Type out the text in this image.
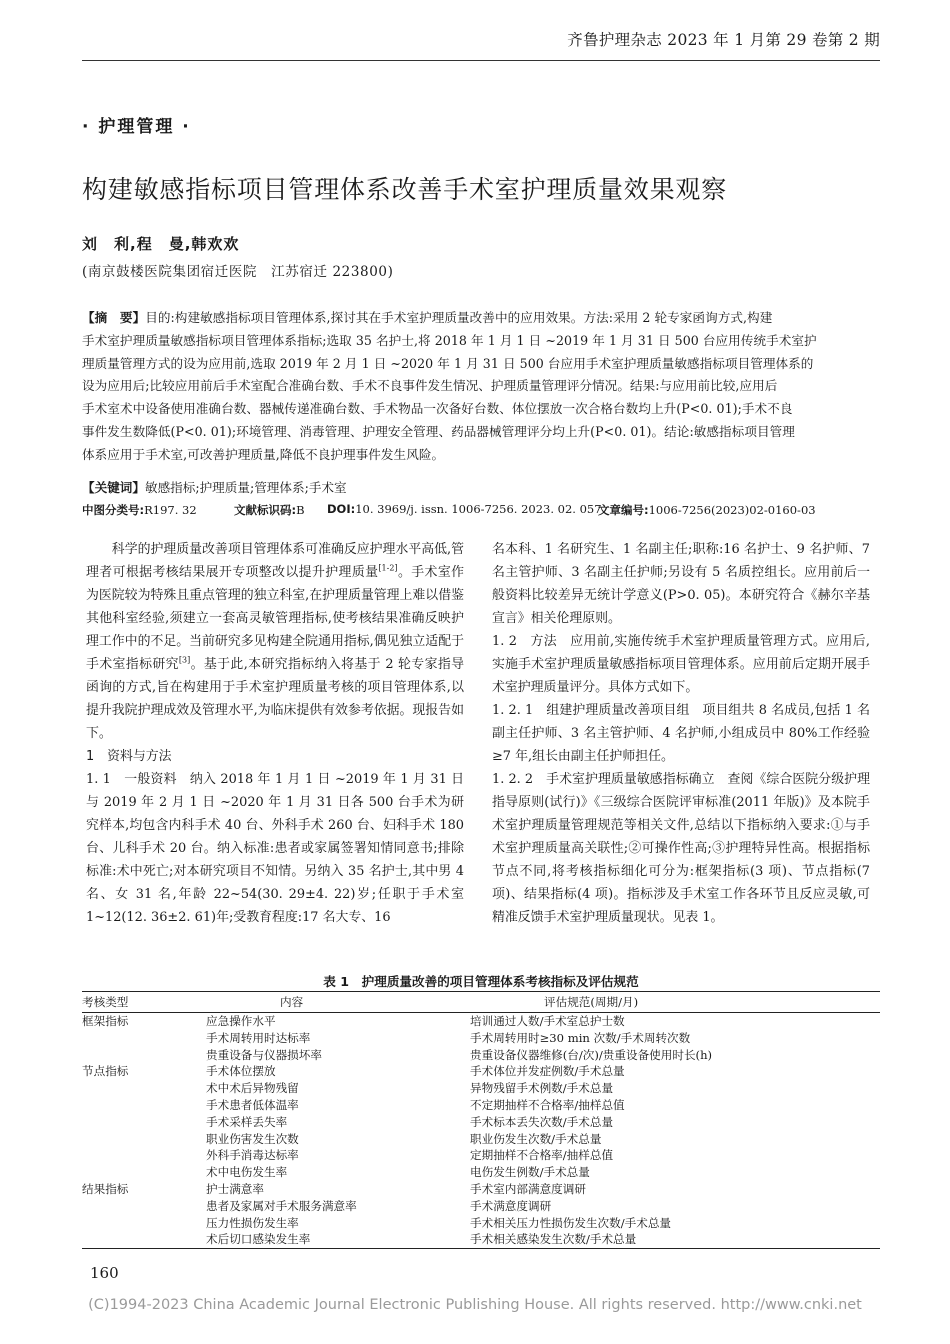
齐鲁护理杂志 2023 年 1 月第 29 卷第 2 期
· 护理管理 ·
构建敏感指标项目管理体系改善手术室护理质量效果观察
刘　利,程　曼,韩欢欢
(南京鼓楼医院集团宿迁医院　江苏宿迁 223800)
【摘　要】目的:构建敏感指标项目管理体系,探讨其在手术室护理质量改善中的应用效果。方法:采用 2 轮专家函询方式,构建
手术室护理质量敏感指标项目管理体系指标;选取 35 名护士,将 2018 年 1 月 1 日 ~2019 年 1 月 31 日 500 台应用传统手术室护
理质量管理方式的设为应用前,选取 2019 年 2 月 1 日 ~2020 年 1 月 31 日 500 台应用手术室护理质量敏感指标项目管理体系的
设为应用后;比较应用前后手术室配合准确台数、手术不良事件发生情况、护理质量管理评分情况。结果:与应用前比较,应用后
手术室术中设备使用准确台数、器械传递准确台数、手术物品一次备好台数、体位摆放一次合格台数均上升(P<0. 01);手术不良
事件发生数降低(P<0. 01);环境管理、消毒管理、护理安全管理、药品器械管理评分均上升(P<0. 01)。结论:敏感指标项目管理
体系应用于手术室,可改善护理质量,降低不良护理事件发生风险。
【关键词】敏感指标;护理质量;管理体系;手术室
中图分类号:R197. 32	文献标识码:B DOI:10. 3969/j. issn. 1006-7256. 2023. 02. 057
文章编号:1006-7256(2023)02-0160-03

科学的护理质量改善项目管理体系可准确反应护理水平高低,管理者可根据考核结果展开专项整改以提升护理质量[1-2]。手术室作为医院较为特殊且重点管理的独立科室,在护理质量管理上难以借鉴其他科室经验,须建立一套高灵敏管理指标,使考核结果准确反映护理工作中的不足。当前研究多见构建全院通用指标,偶见独立适配于手术室指标研究[3]。基于此,本研究指标纳入将基于 2 轮专家指导函询的方式,旨在构建用于手术室护理质量考核的项目管理体系,以提升我院护理成效及管理水平,为临床提供有效参考依据。现报告如下。

1　资料与方法

1. 1　一般资料　纳入 2018 年 1 月 1 日 ~2019 年 1 月 31 日与 2019 年 2 月 1 日 ~2020 年 1 月 31 日各 500 台手术为研究样本,均包含内科手术 40 台、外科手术 260 台、妇科手术 180 台、儿科手术 20 台。纳入标准:患者或家属签署知情同意书;排除标准:术中死亡;对本研究项目不知情。另纳入 35 名护士,其中男 4 名、女 31 名,年龄 22~54(30. 29±4. 22)岁;任职于手术室 1~12(12. 36±2. 61)年;受教育程度:17 名大专、16

名本科、1 名研究生、1 名副主任;职称:16 名护士、9 名护师、7 名主管护师、3 名副主任护师;另设有 5 名质控组长。应用前后一般资料比较差异无统计学意义(P>0. 05)。本研究符合《赫尔辛基宣言》相关伦理原则。

1. 2　方法　应用前,实施传统手术室护理质量管理方式。应用后,实施手术室护理质量敏感指标项目管理体系。应用前后定期开展手术室护理质量评分。具体方式如下。

1. 2. 1　组建护理质量改善项目组　项目组共 8 名成员,包括 1 名副主任护师、3 名主管护师、4 名护师,小组成员中 80%工作经验≥7 年,组长由副主任护师担任。

1. 2. 2　手术室护理质量敏感指标确立　查阅《综合医院分级护理指导原则(试行)》《三级综合医院评审标准(2011 年版)》及本院手术室护理质量管理规范等相关文件,总结以下指标纳入要求:①与手术室护理质量高关联性;②可操作性高;③护理特异性高。根据指标节点不同,将考核指标细化可分为:框架指标(3 项)、节点指标(7 项)、结果指标(4 项)。指标涉及手术室工作各环节且反应灵敏,可精准反馈手术室护理质量现状。见表 1。

表 1　护理质量改善的项目管理体系考核指标及评估规范
考核类型	内容	评估规范(周期/月)
框架指标	应急操作水平	培训通过人数/手术室总护士数
	手术周转用时达标率	手术周转用时≥30 min 次数/手术周转次数
	贵重设备与仪器损坏率	贵重设备仪器维修(台/次)/贵重设备使用时长(h)
节点指标	手术体位摆放	手术体位并发症例数/手术总量
	术中术后异物残留	异物残留手术例数/手术总量
	手术患者低体温率	不定期抽样不合格率/抽样总值
	手术采样丢失率	手术标本丢失次数/手术总量
	职业伤害发生次数	职业伤发生次数/手术总量
	外科手消毒达标率	定期抽样不合格率/抽样总值
	术中电伤发生率	电伤发生例数/手术总量
结果指标	护士满意率	手术室内部满意度调研
	患者及家属对手术服务满意率	手术满意度调研
	压力性损伤发生率	手术相关压力性损伤发生次数/手术总量
	术后切口感染发生率	手术相关感染发生次数/手术总量
160
(C)1994-2023 China Academic Journal Electronic Publishing House. All rights reserved. http://www.cnki.net
